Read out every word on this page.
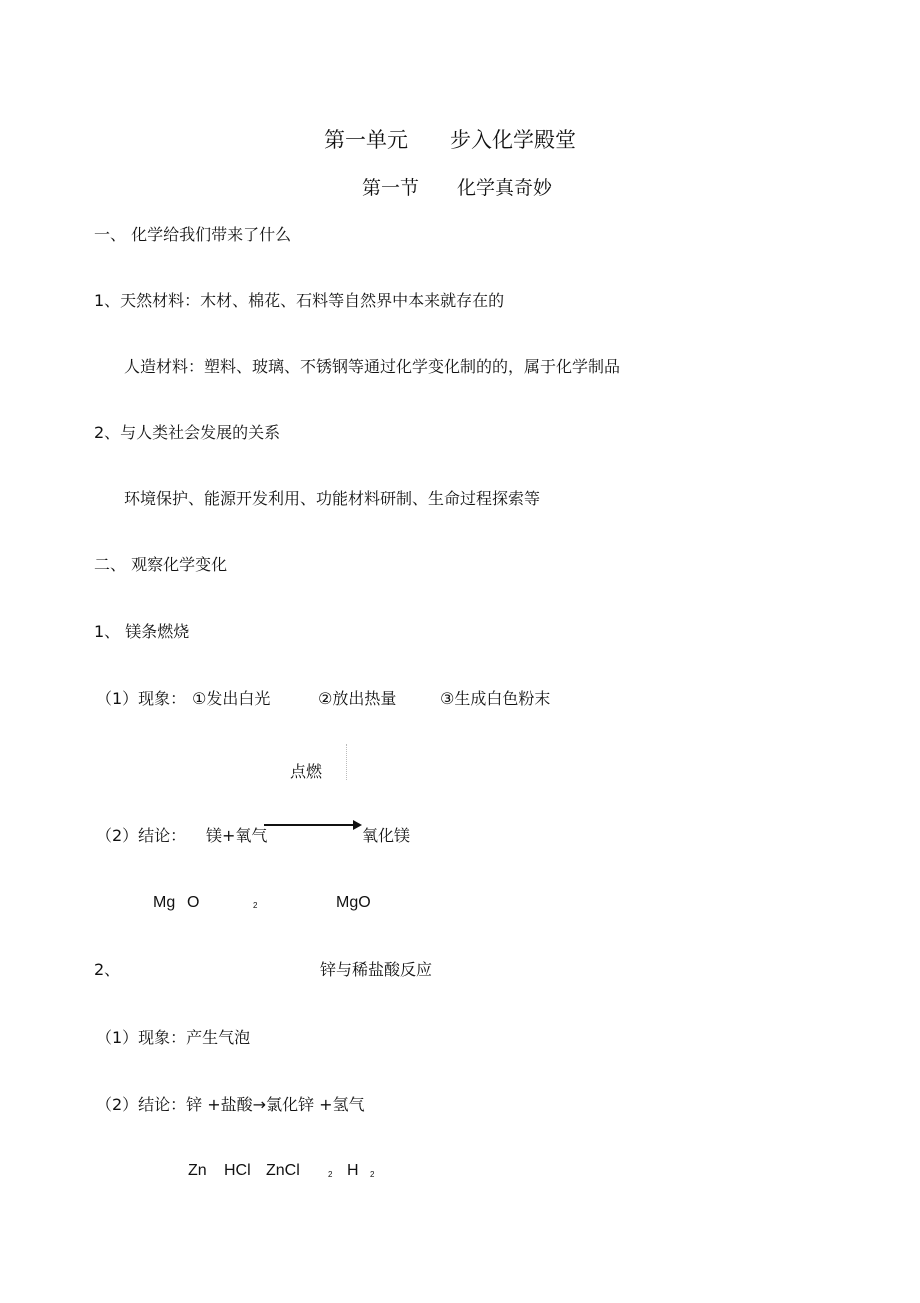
第一单元　　步入化学殿堂
第一节　　化学真奇妙
一、 化学给我们带来了什么
1、天然材料：木材、棉花、石料等自然界中本来就存在的
人造材料：塑料、玻璃、不锈钢等通过化学变化制的的，属于化学制品
2、与人类社会发展的关系
环境保护、能源开发利用、功能材料研制、生命过程探索等
二、 观察化学变化
1、 镁条燃烧
（1）现象： ①发出白光	②放出热量	③生成白色粉末
点燃
（2）结论： 镁+氧气	氧化镁
Mg O	2	MgO
2、	锌与稀盐酸反应
（1）现象：产生气泡
（2）结论：锌 +盐酸→氯化锌 +氢气
Zn HCl ZnCl	2 H 2
